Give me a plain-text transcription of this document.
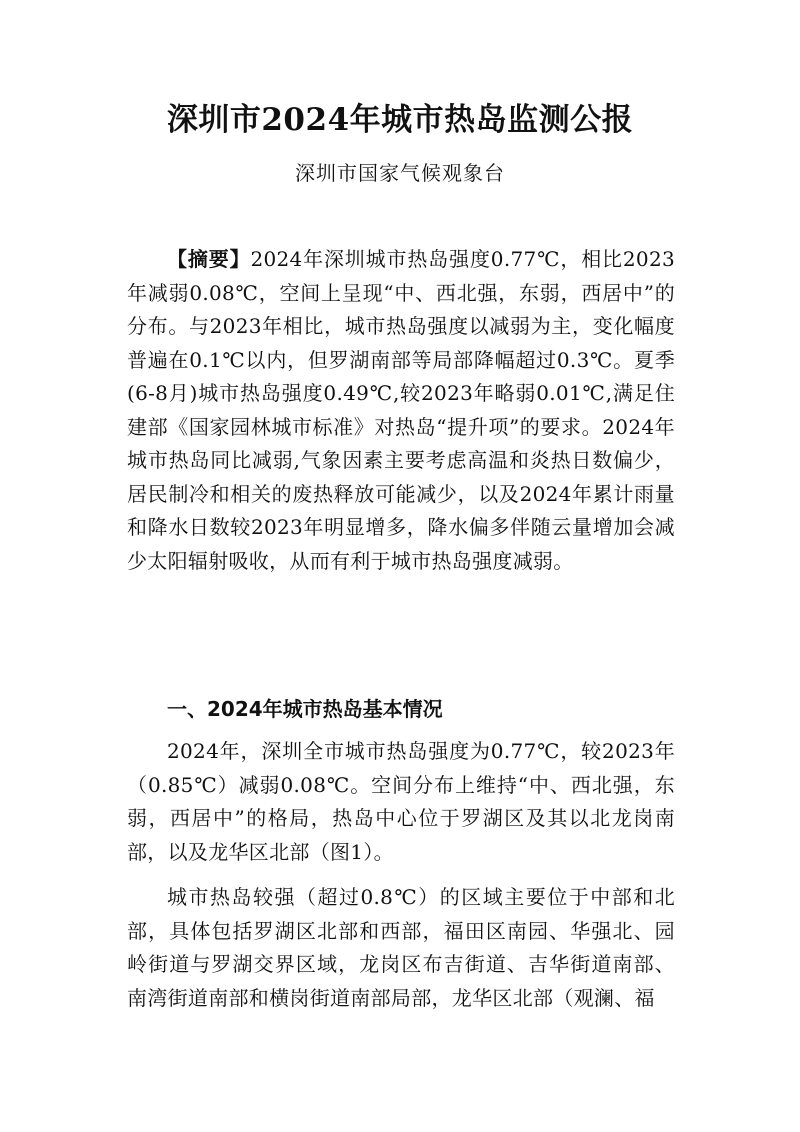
深圳市2024年城市热岛监测公报
深圳市国家气候观象台

【摘要】2024年深圳城市热岛强度0.77℃，相比2023年减弱0.08℃，空间上呈现“中、西北强，东弱，西居中”的分布。与2023年相比，城市热岛强度以减弱为主，变化幅度普遍在0.1℃以内，但罗湖南部等局部降幅超过0.3℃。夏季(6-8月)城市热岛强度0.49℃,较2023年略弱0.01℃,满足住建部《国家园林城市标准》对热岛“提升项”的要求。2024年城市热岛同比减弱,气象因素主要考虑高温和炎热日数偏少，居民制冷和相关的废热释放可能减少，以及2024年累计雨量和降水日数较2023年明显增多，降水偏多伴随云量增加会减少太阳辐射吸收，从而有利于城市热岛强度减弱。

一、2024年城市热岛基本情况

2024年，深圳全市城市热岛强度为0.77℃，较2023年（0.85℃）减弱0.08℃。空间分布上维持“中、西北强，东弱，西居中”的格局，热岛中心位于罗湖区及其以北龙岗南部，以及龙华区北部（图1）。

城市热岛较强（超过0.8℃）的区域主要位于中部和北部，具体包括罗湖区北部和西部，福田区南园、华强北、园岭街道与罗湖交界区域，龙岗区布吉街道、吉华街道南部、南湾街道南部和横岗街道南部局部，龙华区北部（观澜、福
